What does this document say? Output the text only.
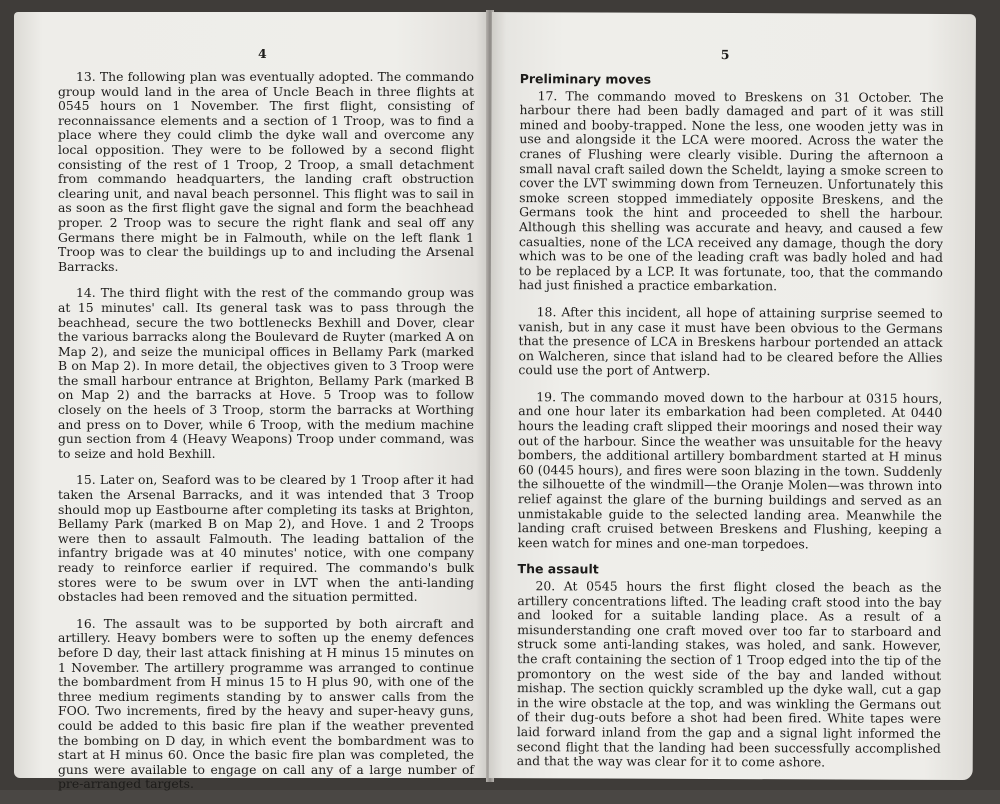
4

13. The following plan was eventually adopted. The commando group would land in the area of Uncle Beach in three flights at 0545 hours on 1 November. The first flight, consisting of reconnaissance elements and a section of 1 Troop, was to find a place where they could climb the dyke wall and overcome any local opposition. They were to be followed by a second flight consisting of the rest of 1 Troop, 2 Troop, a small detachment from commando headquarters, the landing craft obstruction clearing unit, and naval beach personnel. This flight was to sail in as soon as the first flight gave the signal and form the beachhead proper. 2 Troop was to secure the right flank and seal off any Germans there might be in Falmouth, while on the left flank 1 Troop was to clear the buildings up to and including the Arsenal Barracks.

14. The third flight with the rest of the commando group was at 15 minutes' call. Its general task was to pass through the beachhead, secure the two bottlenecks Bexhill and Dover, clear the various barracks along the Boulevard de Ruyter (marked A on Map 2), and seize the municipal offices in Bellamy Park (marked B on Map 2). In more detail, the objectives given to 3 Troop were the small harbour entrance at Brighton, Bellamy Park (marked B on Map 2) and the barracks at Hove. 5 Troop was to follow closely on the heels of 3 Troop, storm the barracks at Worthing and press on to Dover, while 6 Troop, with the medium machine gun section from 4 (Heavy Weapons) Troop under command, was to seize and hold Bexhill.

15. Later on, Seaford was to be cleared by 1 Troop after it had taken the Arsenal Barracks, and it was intended that 3 Troop should mop up Eastbourne after completing its tasks at Brighton, Bellamy Park (marked B on Map 2), and Hove. 1 and 2 Troops were then to assault Falmouth. The leading battalion of the infantry brigade was at 40 minutes' notice, with one company ready to reinforce earlier if required. The commando's bulk stores were to be swum over in LVT when the anti-landing obstacles had been removed and the situation permitted.

16. The assault was to be supported by both aircraft and artillery. Heavy bombers were to soften up the enemy defences before D day, their last attack finishing at H minus 15 minutes on 1 November. The artillery programme was arranged to continue the bombardment from H minus 15 to H plus 90, with one of the three medium regiments standing by to answer calls from the FOO. Two increments, fired by the heavy and super-heavy guns, could be added to this basic fire plan if the weather prevented the bombing on D day, in which event the bombardment was to start at H minus 60. Once the basic fire plan was completed, the guns were available to engage on call any of a large number of pre-arranged targets.

5
Preliminary moves

17. The commando moved to Breskens on 31 October. The harbour there had been badly damaged and part of it was still mined and booby-trapped. None the less, one wooden jetty was in use and alongside it the LCA were moored. Across the water the cranes of Flushing were clearly visible. During the afternoon a small naval craft sailed down the Scheldt, laying a smoke screen to cover the LVT swimming down from Terneuzen. Unfortunately this smoke screen stopped immediately opposite Breskens, and the Germans took the hint and proceeded to shell the harbour. Although this shelling was accurate and heavy, and caused a few casualties, none of the LCA received any damage, though the dory which was to be one of the leading craft was badly holed and had to be replaced by a LCP. It was fortunate, too, that the commando had just finished a practice embarkation.

18. After this incident, all hope of attaining surprise seemed to vanish, but in any case it must have been obvious to the Germans that the presence of LCA in Breskens harbour portended an attack on Walcheren, since that island had to be cleared before the Allies could use the port of Antwerp.

19. The commando moved down to the harbour at 0315 hours, and one hour later its embarkation had been completed. At 0440 hours the leading craft slipped their moorings and nosed their way out of the harbour. Since the weather was unsuitable for the heavy bombers, the additional artillery bombardment started at H minus 60 (0445 hours), and fires were soon blazing in the town. Suddenly the silhouette of the windmill—the Oranje Molen—was thrown into relief against the glare of the burning buildings and served as an unmistakable guide to the selected landing area. Meanwhile the landing craft cruised between Breskens and Flushing, keeping a keen watch for mines and one-man torpedoes.

The assault

20. At 0545 hours the first flight closed the beach as the artillery concentrations lifted. The leading craft stood into the bay and looked for a suitable landing place. As a result of a misunderstanding one craft moved over too far to starboard and struck some anti-landing stakes, was holed, and sank. However, the craft containing the section of 1 Troop edged into the tip of the promontory on the west side of the bay and landed without mishap. The section quickly scrambled up the dyke wall, cut a gap in the wire obstacle at the top, and was winkling the Germans out of their dug-outs before a shot had been fired. White tapes were laid forward inland from the gap and a signal light informed the second flight that the landing had been successfully accomplished and that the way was clear for it to come ashore.
